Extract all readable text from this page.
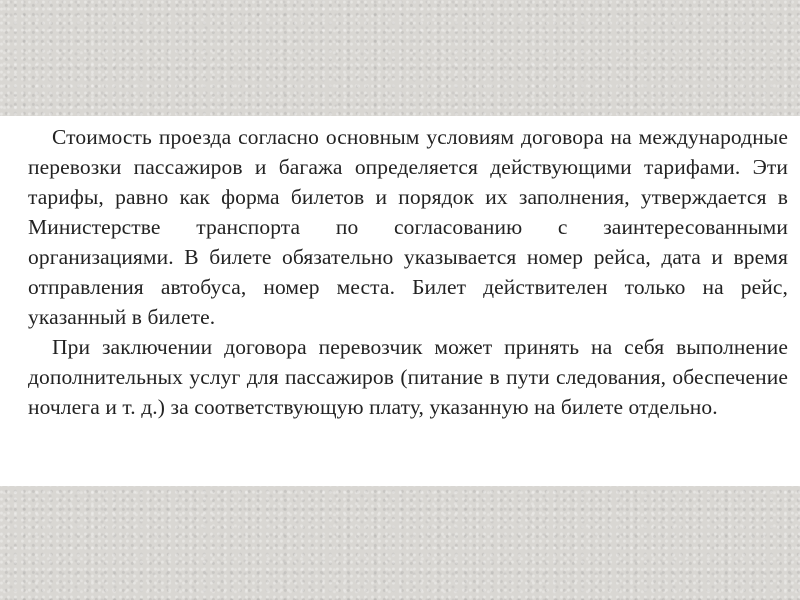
Стоимость проезда согласно основным условиям договора на международные перевозки пассажиров и багажа определяется действующими тарифами. Эти тарифы, равно как форма билетов и порядок их заполнения, утверждается в Министерстве транспорта по согласованию с заинтересованными организациями. В билете обязательно указывается номер рейса, дата и время отправления автобуса, номер места. Билет действителен только на рейс, указанный в билете.

При заключении договора перевозчик может принять на себя выполнение дополнительных услуг для пассажиров (питание в пути следования, обеспечение ночлега и т. д.) за соответствующую плату, указанную на билете отдельно.
